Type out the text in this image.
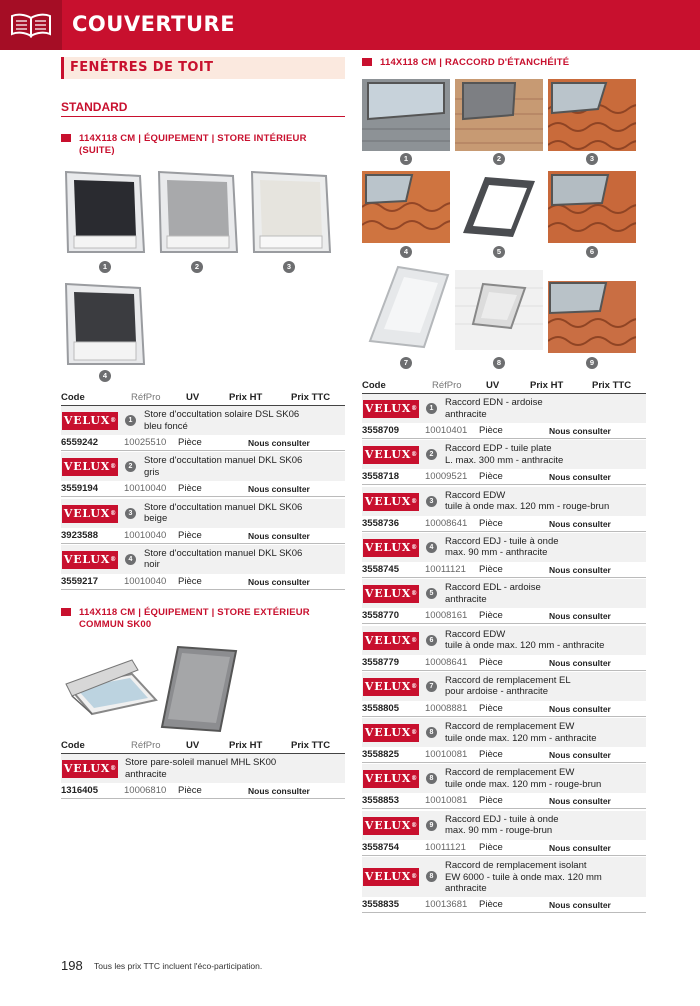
COUVERTURE
FENÊTRES DE TOIT
STANDARD
114X118 CM | ÉQUIPEMENT | STORE INTÉRIEUR
(SUITE)
1	2	3
4
Code	RéfPro	UV	Prix HT	Prix TTC
VELUX®	1
Store d'occultation solaire DSL SK06
bleu foncé
6559242	10025510 Pièce	Nous consulter
VELUX®	2
Store d'occultation manuel DKL SK06
gris
3559194	10010040 Pièce	Nous consulter
VELUX®	3
Store d'occultation manuel DKL SK06
beige
3923588	10010040 Pièce	Nous consulter
VELUX®	4
Store d'occultation manuel DKL SK06
noir
3559217	10010040 Pièce	Nous consulter
114X118 CM | ÉQUIPEMENT | STORE EXTÉRIEUR
COMMUN SK00
Code	RéfPro	UV	Prix HT	Prix TTC
VELUX®
Store pare-soleil manuel MHL SK00
anthracite
1316405	10006810 Pièce	Nous consulter
114X118 CM | RACCORD D'ÉTANCHÉITÉ
1	2	3
4	5	6
7	8	9
Code	RéfPro	UV	Prix HT	Prix TTC
VELUX®	1
Raccord EDN - ardoise
anthracite
3558709	10010401 Pièce	Nous consulter
VELUX®	2
Raccord EDP - tuile plate
L. max. 300 mm - anthracite
3558718	10009521 Pièce	Nous consulter
VELUX®	3
Raccord EDW
tuile à onde max. 120 mm - rouge-brun
3558736	10008641 Pièce	Nous consulter
VELUX®	4
Raccord EDJ - tuile à onde
max. 90 mm - anthracite
3558745	10011121 Pièce	Nous consulter
VELUX®	5
Raccord EDL - ardoise
anthracite
3558770	10008161 Pièce	Nous consulter
VELUX®	6
Raccord EDW
tuile à onde max. 120 mm - anthracite
3558779	10008641 Pièce	Nous consulter
VELUX®	7
Raccord de remplacement EL
pour ardoise - anthracite
3558805	10008881 Pièce	Nous consulter
VELUX®	8
Raccord de remplacement EW
tuile onde max. 120 mm - anthracite
3558825	10010081 Pièce	Nous consulter
VELUX®	8
Raccord de remplacement EW
tuile onde max. 120 mm - rouge-brun
3558853	10010081 Pièce	Nous consulter
VELUX®	9
Raccord EDJ - tuile à onde
max. 90 mm - rouge-brun
3558754	10011121 Pièce	Nous consulter
VELUX®	8
Raccord de remplacement isolant
EW 6000 - tuile à onde max. 120 mm
anthracite
3558835	10013681 Pièce	Nous consulter
198 Tous les prix TTC incluent l'éco-participation.
